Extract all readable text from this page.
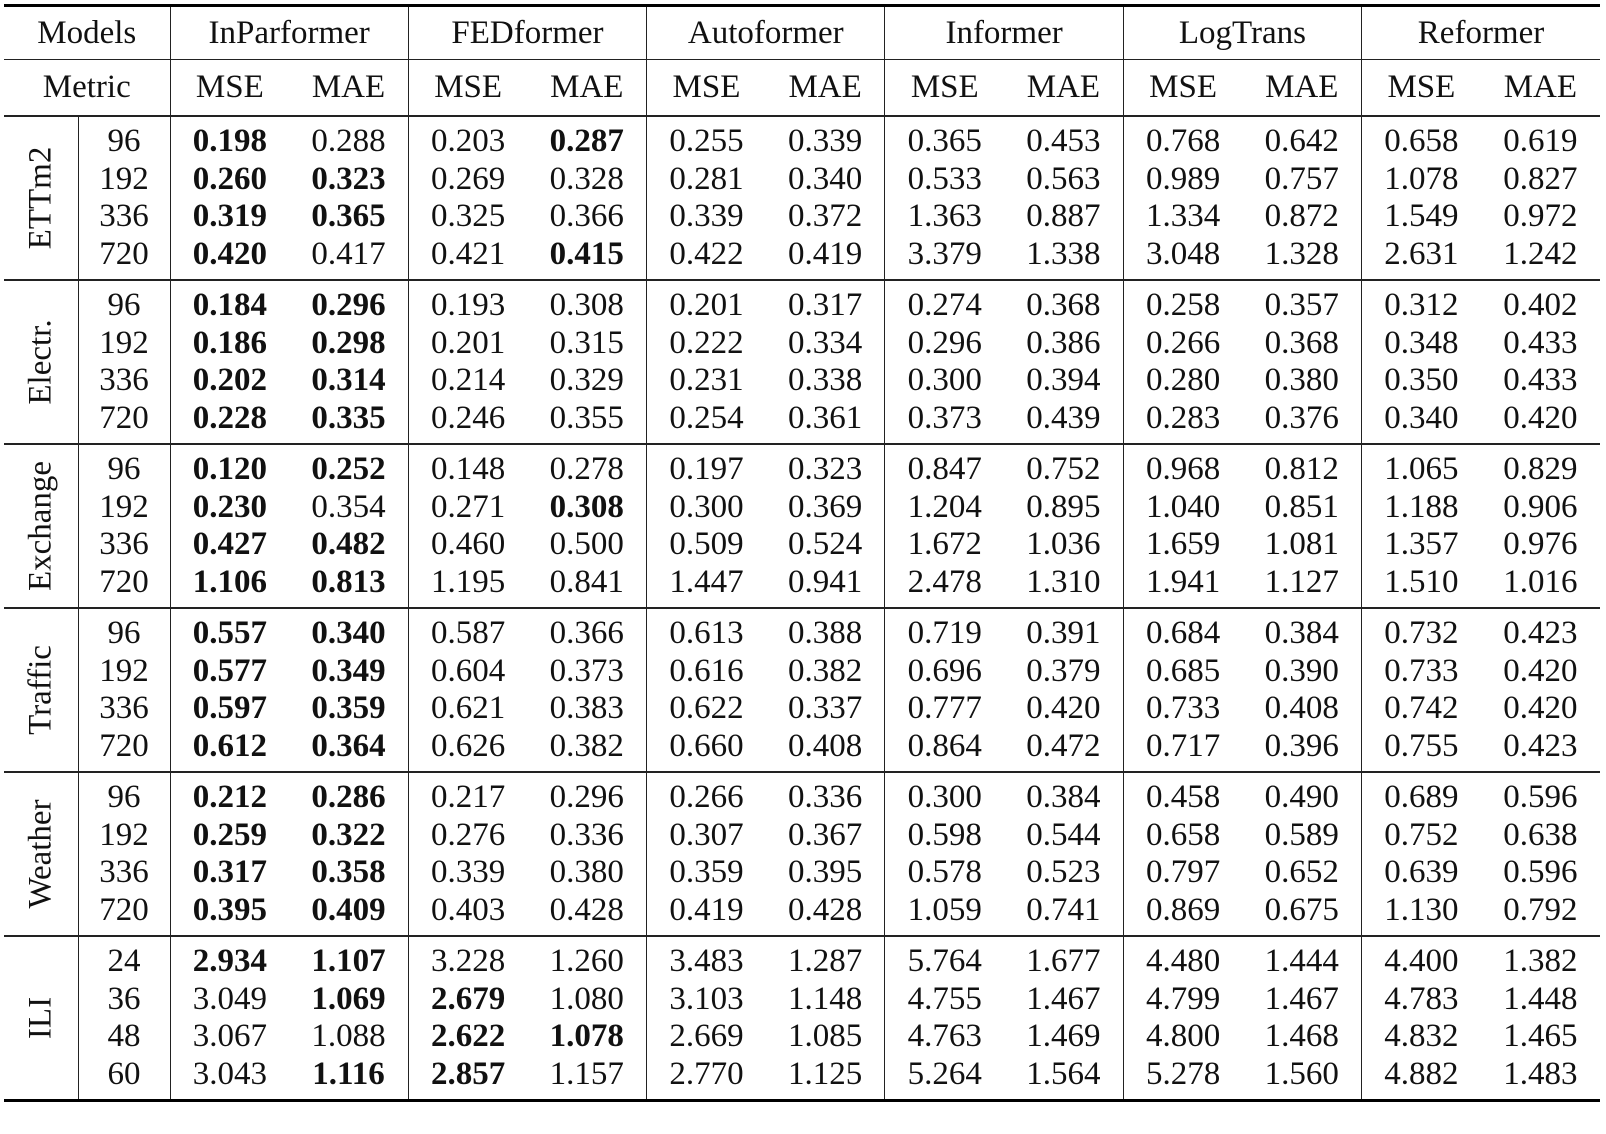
Models		InParformer		FEDformer		Autoformer		Informer		LogTrans		Reformer	
Metric		MSE	MAE	MSE	MAE	MSE	MAE	MSE	MAE	MSE	MAE	MSE	MAE

ETTm2	96	0.198	0.288	0.203	0.287	0.255	0.339	0.365	0.453	0.768	0.642	0.658	0.619
	192	0.260	0.323	0.269	0.328	0.281	0.340	0.533	0.563	0.989	0.757	1.078	0.827
	336	0.319	0.365	0.325	0.366	0.339	0.372	1.363	0.887	1.334	0.872	1.549	0.972
	720	0.420	0.417	0.421	0.415	0.422	0.419	3.379	1.338	3.048	1.328	2.631	1.242

Electr.	96	0.184	0.296	0.193	0.308	0.201	0.317	0.274	0.368	0.258	0.357	0.312	0.402
	192	0.186	0.298	0.201	0.315	0.222	0.334	0.296	0.386	0.266	0.368	0.348	0.433
	336	0.202	0.314	0.214	0.329	0.231	0.338	0.300	0.394	0.280	0.380	0.350	0.433
	720	0.228	0.335	0.246	0.355	0.254	0.361	0.373	0.439	0.283	0.376	0.340	0.420

Exchange	96	0.120	0.252	0.148	0.278	0.197	0.323	0.847	0.752	0.968	0.812	1.065	0.829
	192	0.230	0.354	0.271	0.308	0.300	0.369	1.204	0.895	1.040	0.851	1.188	0.906
	336	0.427	0.482	0.460	0.500	0.509	0.524	1.672	1.036	1.659	1.081	1.357	0.976
	720	1.106	0.813	1.195	0.841	1.447	0.941	2.478	1.310	1.941	1.127	1.510	1.016

Traffic	96	0.557	0.340	0.587	0.366	0.613	0.388	0.719	0.391	0.684	0.384	0.732	0.423
	192	0.577	0.349	0.604	0.373	0.616	0.382	0.696	0.379	0.685	0.390	0.733	0.420
	336	0.597	0.359	0.621	0.383	0.622	0.337	0.777	0.420	0.733	0.408	0.742	0.420
	720	0.612	0.364	0.626	0.382	0.660	0.408	0.864	0.472	0.717	0.396	0.755	0.423

Weather	96	0.212	0.286	0.217	0.296	0.266	0.336	0.300	0.384	0.458	0.490	0.689	0.596
	192	0.259	0.322	0.276	0.336	0.307	0.367	0.598	0.544	0.658	0.589	0.752	0.638
	336	0.317	0.358	0.339	0.380	0.359	0.395	0.578	0.523	0.797	0.652	0.639	0.596
	720	0.395	0.409	0.403	0.428	0.419	0.428	1.059	0.741	0.869	0.675	1.130	0.792

ILI	24	2.934	1.107	3.228	1.260	3.483	1.287	5.764	1.677	4.480	1.444	4.400	1.382
	36	3.049	1.069	2.679	1.080	3.103	1.148	4.755	1.467	4.799	1.467	4.783	1.448
	48	3.067	1.088	2.622	1.078	2.669	1.085	4.763	1.469	4.800	1.468	4.832	1.465
	60	3.043	1.116	2.857	1.157	2.770	1.125	5.264	1.564	5.278	1.560	4.882	1.483
